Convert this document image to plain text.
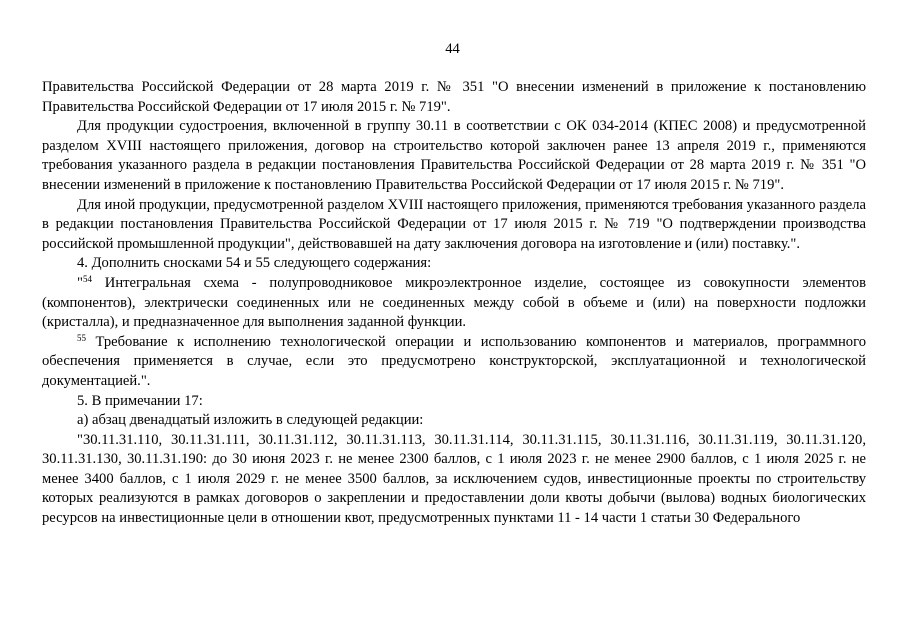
44

Правительства Российской Федерации от 28 марта 2019 г. № 351 "О внесении изменений в приложение к постановлению Правительства Российской Федерации от 17 июля 2015 г. № 719".

Для продукции судостроения, включенной в группу 30.11 в соответствии с ОК 034-2014 (КПЕС 2008) и предусмотренной разделом XVIII настоящего приложения, договор на строительство которой заключен ранее 13 апреля 2019 г., применяются требования указанного раздела в редакции постановления Правительства Российской Федерации от 28 марта 2019 г. № 351 "О внесении изменений в приложение к постановлению Правительства Российской Федерации от 17 июля 2015 г. № 719".

Для иной продукции, предусмотренной разделом XVIII настоящего приложения, применяются требования указанного раздела в редакции постановления Правительства Российской Федерации от 17 июля 2015 г. № 719 "О подтверждении производства российской промышленной продукции", действовавшей на дату заключения договора на изготовление и (или) поставку.".

4. Дополнить сносками 54 и 55 следующего содержания:

"$^{54}$ Интегральная схема - полупроводниковое микроэлектронное изделие, состоящее из совокупности элементов (компонентов), электрически соединенных или не соединенных между собой в объеме и (или) на поверхности подложки (кристалла), и предназначенное для выполнения заданной функции.

$^{55}$ Требование к исполнению технологической операции и использованию компонентов и материалов, программного обеспечения применяется в случае, если это предусмотрено конструкторской, эксплуатационной и технологической документацией.".

5. В примечании 17:

а) абзац двенадцатый изложить в следующей редакции:

"30.11.31.110, 30.11.31.111, 30.11.31.112, 30.11.31.113, 30.11.31.114, 30.11.31.115, 30.11.31.116, 30.11.31.119, 30.11.31.120, 30.11.31.130, 30.11.31.190: до 30 июня 2023 г. не менее 2300 баллов, с 1 июля 2023 г. не менее 2900 баллов, с 1 июля 2025 г. не менее 3400 баллов, с 1 июля 2029 г. не менее 3500 баллов, за исключением судов, инвестиционные проекты по строительству которых реализуются в рамках договоров о закреплении и предоставлении доли квоты добычи (вылова) водных биологических ресурсов на инвестиционные цели в отношении квот, предусмотренных пунктами 11 - 14 части 1 статьи 30 Федерального
